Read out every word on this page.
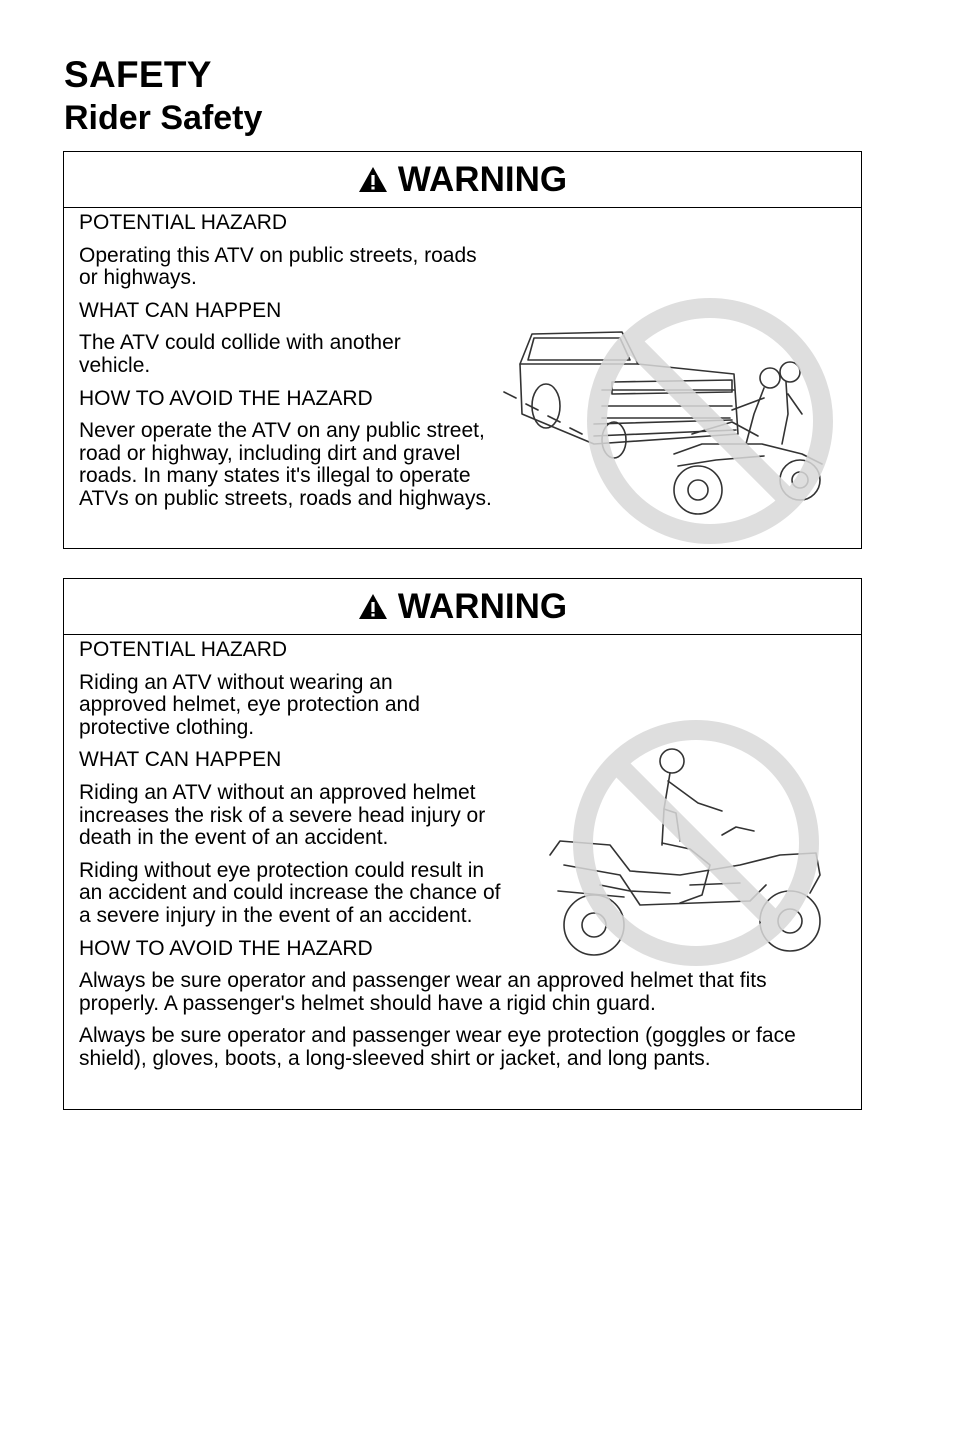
SAFETY
Rider Safety
WARNING

POTENTIAL HAZARD

Operating this ATV on public streets, roads or highways.

WHAT CAN HAPPEN

The ATV could collide with another vehicle.

HOW TO AVOID THE HAZARD

Never operate the ATV on any public street, road or highway, including dirt and gravel roads. In many states it's illegal to operate ATVs on public streets, roads and highways.

WARNING

POTENTIAL HAZARD

Riding an ATV without wearing an approved helmet, eye protection and protective clothing.

WHAT CAN HAPPEN

Riding an ATV without an approved helmet increases the risk of a severe head injury or death in the event of an accident.

Riding without eye protection could result in an accident and could increase the chance of a severe injury in the event of an accident.

HOW TO AVOID THE HAZARD

Always be sure operator and passenger wear an approved helmet that fits properly. A passenger's helmet should have a rigid chin guard.

Always be sure operator and passenger wear eye protection (goggles or face shield), gloves, boots, a long-sleeved shirt or jacket, and long pants.
